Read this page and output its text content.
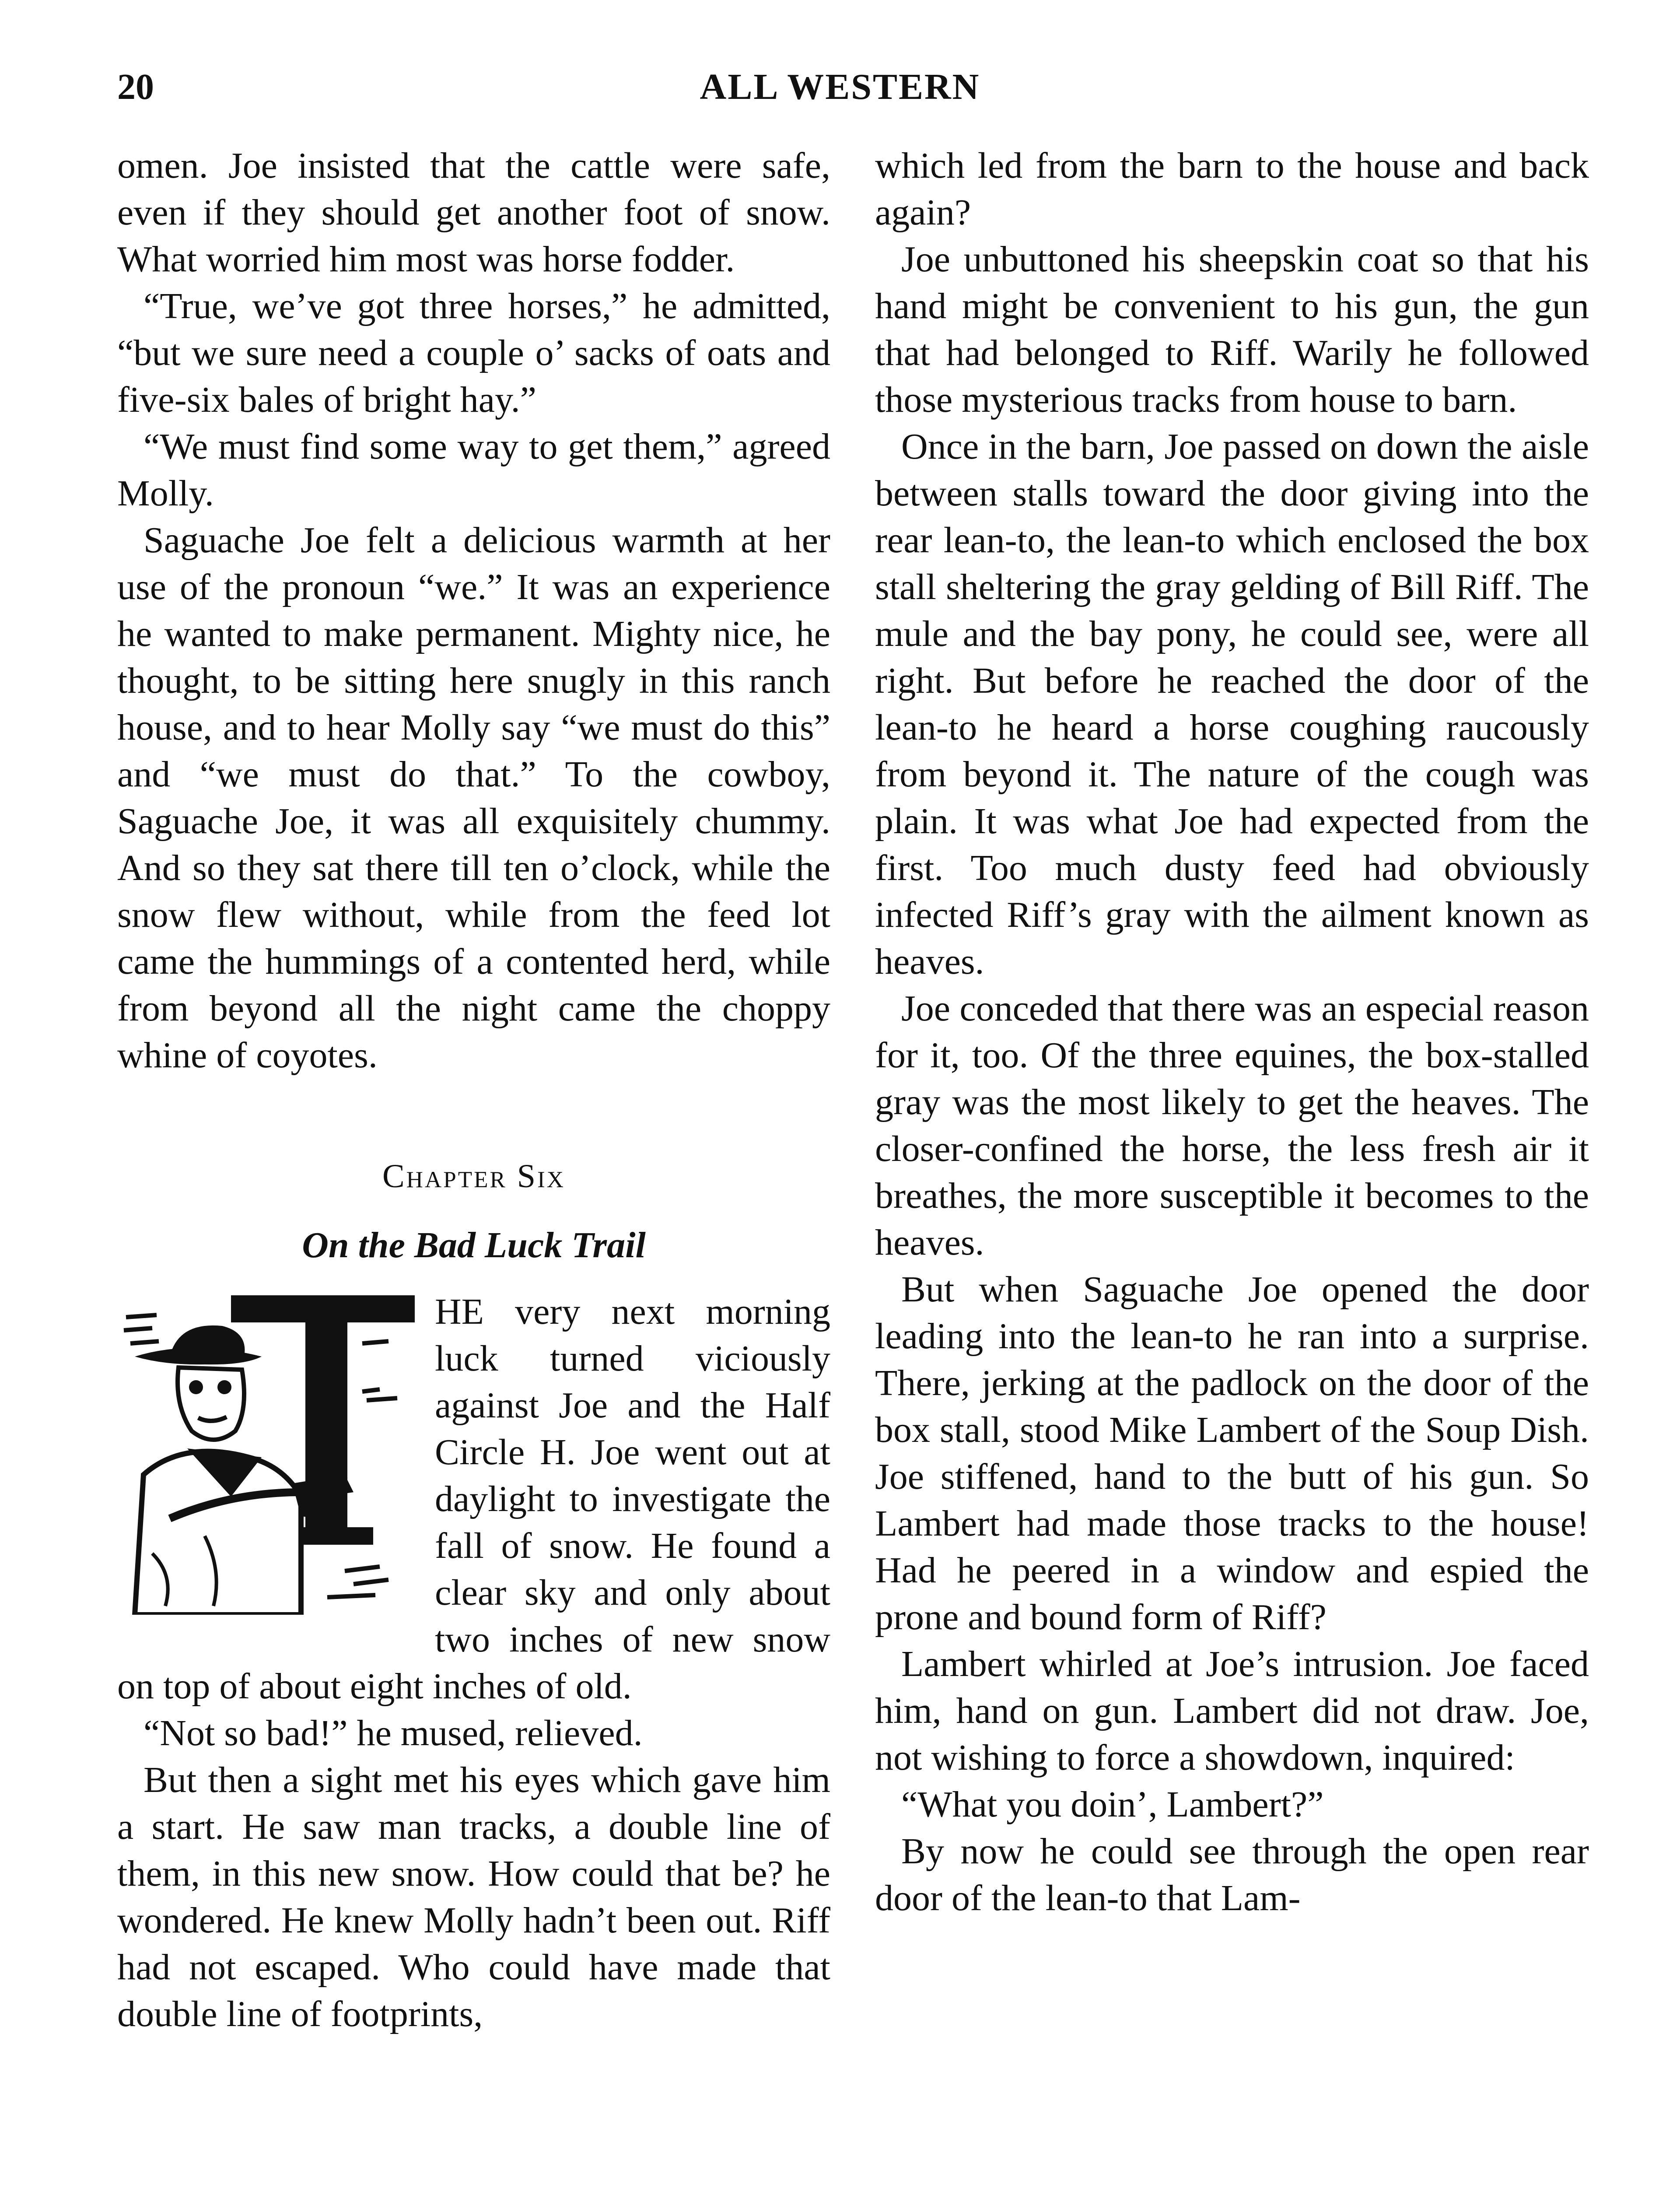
20	ALL WESTERN

omen. Joe insisted that the cattle were safe, even if they should get another foot of snow. What worried him most was horse fodder.

“True, we’ve got three horses,” he admitted, “but we sure need a couple o’ sacks of oats and five-six bales of bright hay.”

“We must find some way to get them,” agreed Molly.

Saguache Joe felt a delicious warmth at her use of the pronoun “we.” It was an experience he wanted to make permanent. Mighty nice, he thought, to be sitting here snugly in this ranch house, and to hear Molly say “we must do this” and “we must do that.” To the cowboy, Saguache Joe, it was all exquisitely chummy. And so they sat there till ten o’clock, while the snow flew without, while from the feed lot came the hummings of a contented herd, while from beyond all the night came the choppy whine of coyotes.

Chapter Six
On the Bad Luck Trail

HE very next morning luck turned viciously against Joe and the Half Circle H. Joe went out at daylight to investigate the fall of snow. He found a clear sky and only about two inches of new snow on top of about eight inches of old.

“Not so bad!” he mused, relieved.

But then a sight met his eyes which gave him a start. He saw man tracks, a double line of them, in this new snow. How could that be? he wondered. He knew Molly hadn’t been out. Riff had not escaped. Who could have made that double line of footprints,

which led from the barn to the house and back again?

Joe unbuttoned his sheepskin coat so that his hand might be convenient to his gun, the gun that had belonged to Riff. Warily he followed those mysterious tracks from house to barn.

Once in the barn, Joe passed on down the aisle between stalls toward the door giving into the rear lean-to, the lean-to which enclosed the box stall sheltering the gray gelding of Bill Riff. The mule and the bay pony, he could see, were all right. But before he reached the door of the lean-to he heard a horse coughing raucously from beyond it. The nature of the cough was plain. It was what Joe had expected from the first. Too much dusty feed had obviously infected Riff’s gray with the ailment known as heaves.

Joe conceded that there was an especial reason for it, too. Of the three equines, the box-stalled gray was the most likely to get the heaves. The closer-confined the horse, the less fresh air it breathes, the more susceptible it becomes to the heaves.

But when Saguache Joe opened the door leading into the lean-to he ran into a surprise. There, jerking at the padlock on the door of the box stall, stood Mike Lambert of the Soup Dish. Joe stiffened, hand to the butt of his gun. So Lambert had made those tracks to the house! Had he peered in a window and espied the prone and bound form of Riff?

Lambert whirled at Joe’s intrusion. Joe faced him, hand on gun. Lambert did not draw. Joe, not wishing to force a showdown, inquired:

“What you doin’, Lambert?”

By now he could see through the open rear door of the lean-to that Lam-
